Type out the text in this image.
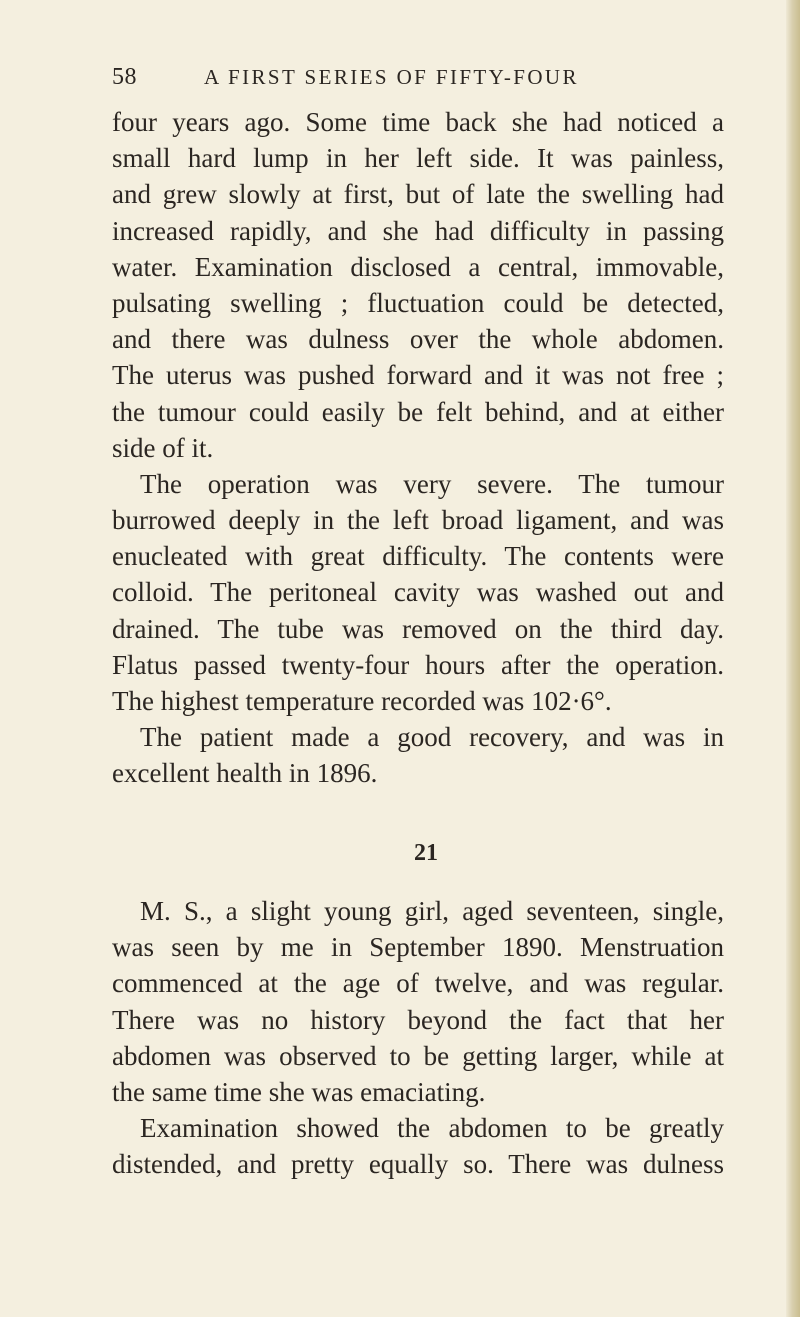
58	A FIRST SERIES OF FIFTY-FOUR
four years ago. Some time back she had noticed a
small hard lump in her left side. It was painless,
and grew slowly at first, but of late the swelling had
increased rapidly, and she had difficulty in passing
water. Examination disclosed a central, immovable,
pulsating swelling ; fluctuation could be detected,
and there was dulness over the whole abdomen.
The uterus was pushed forward and it was not free ;
the tumour could easily be felt behind, and at either
side of it.
The operation was very severe. The tumour
burrowed deeply in the left broad ligament, and was
enucleated with great difficulty. The contents were
colloid. The peritoneal cavity was washed out and
drained. The tube was removed on the third day.
Flatus passed twenty-four hours after the operation.
The highest temperature recorded was 102·6°.
The patient made a good recovery, and was in
excellent health in 1896.
21
M. S., a slight young girl, aged seventeen, single,
was seen by me in September 1890. Menstruation
commenced at the age of twelve, and was regular.
There was no history beyond the fact that her
abdomen was observed to be getting larger, while at
the same time she was emaciating.
Examination showed the abdomen to be greatly
distended, and pretty equally so. There was dulness
